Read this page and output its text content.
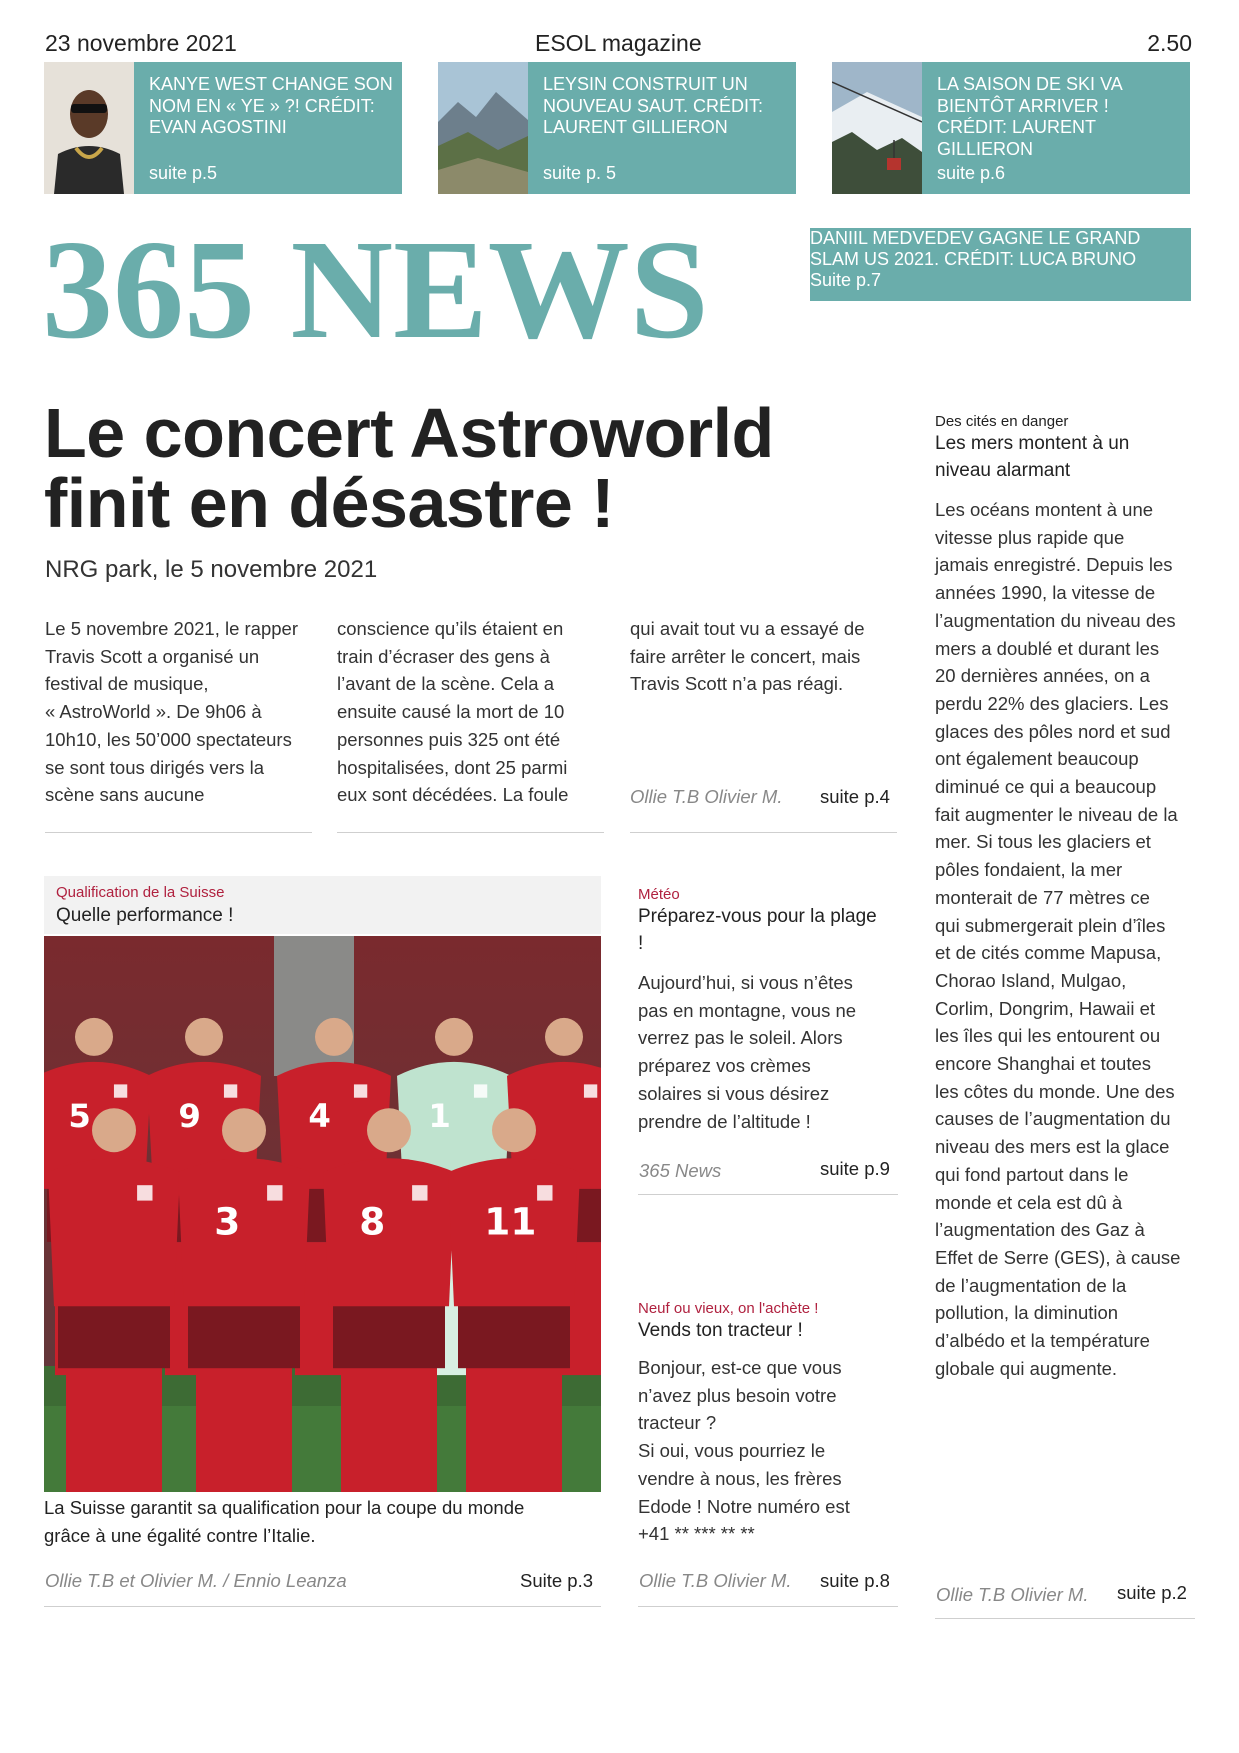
23 novembre 2021	ESOL magazine	2.50
KANYE WEST CHANGE SON NOM EN « YE » ?! CRÉDIT: EVAN AGOSTINI
suite p.5
LEYSIN CONSTRUIT UN NOUVEAU SAUT. CRÉDIT: LAURENT GILLIERON
suite p. 5
LA SAISON DE SKI VA BIENTÔT ARRIVER ! CRÉDIT: LAURENT GILLIERON
suite p.6
DANIIL MEDVEDEV GAGNE LE GRAND SLAM US 2021. CRÉDIT: LUCA BRUNO
Suite p.7
365 NEWS
Le concert Astroworld
finit en désastre !
NRG park, le 5 novembre 2021
Le 5 novembre 2021, le rapper
Travis Scott a organisé un
festival de musique,
« AstroWorld ». De 9h06 à
10h10, les 50’000 spectateurs
se sont tous dirigés vers la
scène sans aucune
conscience qu’ils étaient en
train d’écraser des gens à
l’avant de la scène. Cela a
ensuite causé la mort de 10
personnes puis 325 ont été
hospitalisées, dont 25 parmi
eux sont décédées. La foule
qui avait tout vu a essayé de
faire arrêter le concert, mais
Travis Scott n’a pas réagi.
Ollie T.B Olivier M. suite p.4
Qualification de la Suisse
Quelle performance !
5	9	4	1
3	8	11
La Suisse garantit sa qualification pour la coupe du monde
grâce à une égalité contre l’Italie.
Ollie T.B et Olivier M. / Ennio Leanza	Suite p.3
Météo
Préparez-vous pour la plage
!
Aujourd’hui, si vous n’êtes
pas en montagne, vous ne
verrez pas le soleil. Alors
préparez vos crèmes
solaires si vous désirez
prendre de l’altitude !
365 News	suite p.9
Neuf ou vieux, on l'achète !
Vends ton tracteur !
Bonjour, est-ce que vous
n’avez plus besoin votre
tracteur ?
Si oui, vous pourriez le
vendre à nous, les frères
Edode ! Notre numéro est
+41 ** *** ** **
Ollie T.B Olivier M. suite p.8
Des cités en danger
Les mers montent à un
niveau alarmant
Les océans montent à une
vitesse plus rapide que
jamais enregistré. Depuis les
années 1990, la vitesse de
l’augmentation du niveau des
mers a doublé et durant les
20 dernières années, on a
perdu 22% des glaciers. Les
glaces des pôles nord et sud
ont également beaucoup
diminué ce qui a beaucoup
fait augmenter le niveau de la
mer. Si tous les glaciers et
pôles fondaient, la mer
monterait de 77 mètres ce
qui submergerait plein d’îles
et de cités comme Mapusa,
Chorao Island, Mulgao,
Corlim, Dongrim, Hawaii et
les îles qui les entourent ou
encore Shanghai et toutes
les côtes du monde. Une des
causes de l’augmentation du
niveau des mers est la glace
qui fond partout dans le
monde et cela est dû à
l’augmentation des Gaz à
Effet de Serre (GES), à cause
de l’augmentation de la
pollution, la diminution
d’albédo et la température
globale qui augmente.
Ollie T.B Olivier M. suite p.2
